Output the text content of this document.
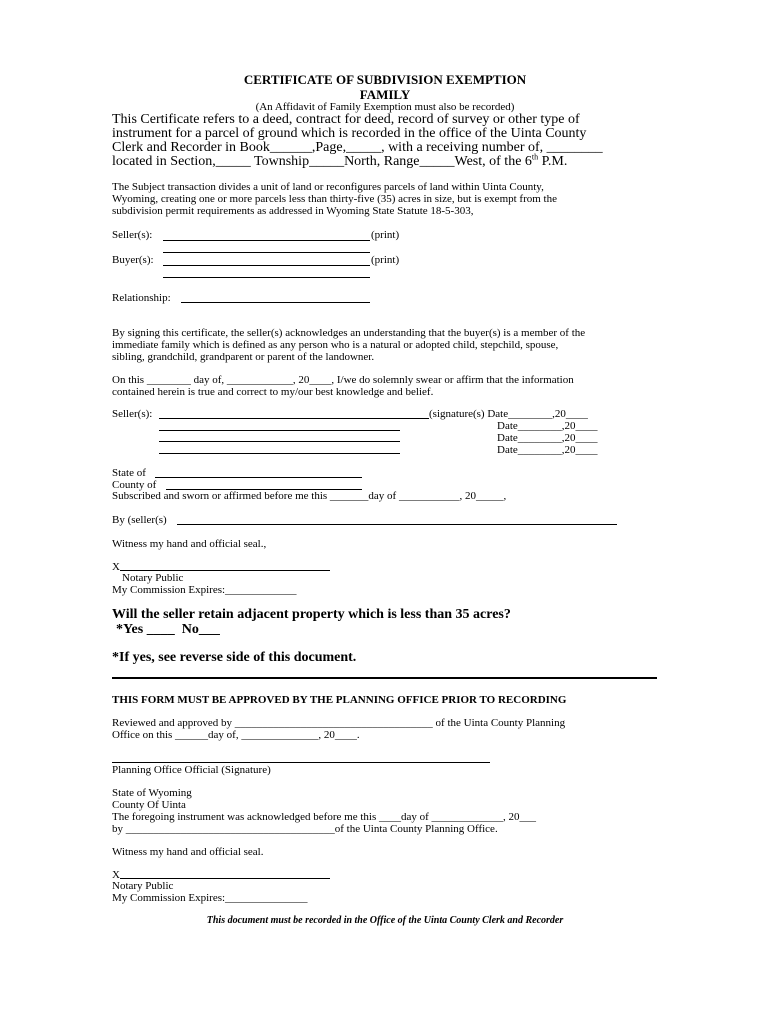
CERTIFICATE OF SUBDIVISION EXEMPTION
FAMILY
(An Affidavit of Family Exemption must also be recorded)
This Certificate refers to a deed, contract for deed, record of survey or other type of
instrument for a parcel of ground which is recorded in the office of the Uinta County
Clerk and Recorder in Book______,Page,_____, with a receiving number of, ________
located in Section,_____ Township_____North, Range_____West, of the 6th P.M.
The Subject transaction divides a unit of land or reconfigures parcels of land within Uinta County,
Wyoming, creating one or more parcels less than thirty-five (35) acres in size, but is exempt from the
subdivision permit requirements as addressed in Wyoming State Statute 18-5-303,
Seller(s):	(print)
Buyer(s):	(print)
Relationship:
By signing this certificate, the seller(s) acknowledges an understanding that the buyer(s) is a member of the
immediate family which is defined as any person who is a natural or adopted child, stepchild, spouse,
sibling, grandchild, grandparent or parent of the landowner.
On this ________ day of, ____________, 20____, I/we do solemnly swear or affirm that the information
contained herein is true and correct to my/our best knowledge and belief.
Seller(s):	(signature(s) Date________,20____
Date________,20____
Date________,20____
Date________,20____
State of
County of
Subscribed and sworn or affirmed before me this _______day of ___________, 20_____,
By (seller(s)
Witness my hand and official seal.,
X
Notary Public
My Commission Expires:_____________
Will the seller retain adjacent property which is less than 35 acres?
*Yes ____  No___
*If yes, see reverse side of this document.
THIS FORM MUST BE APPROVED BY THE PLANNING OFFICE PRIOR TO RECORDING
Reviewed and approved by ____________________________________ of the Uinta County Planning
Office on this ______day of, ______________, 20____.
Planning Office Official (Signature)
State of Wyoming
County Of Uinta
The foregoing instrument was acknowledged before me this ____day of _____________, 20___
by ______________________________________of the Uinta County Planning Office.
Witness my hand and official seal.
X
Notary Public
My Commission Expires:_______________
This document must be recorded in the Office of the Uinta County Clerk and Recorder
